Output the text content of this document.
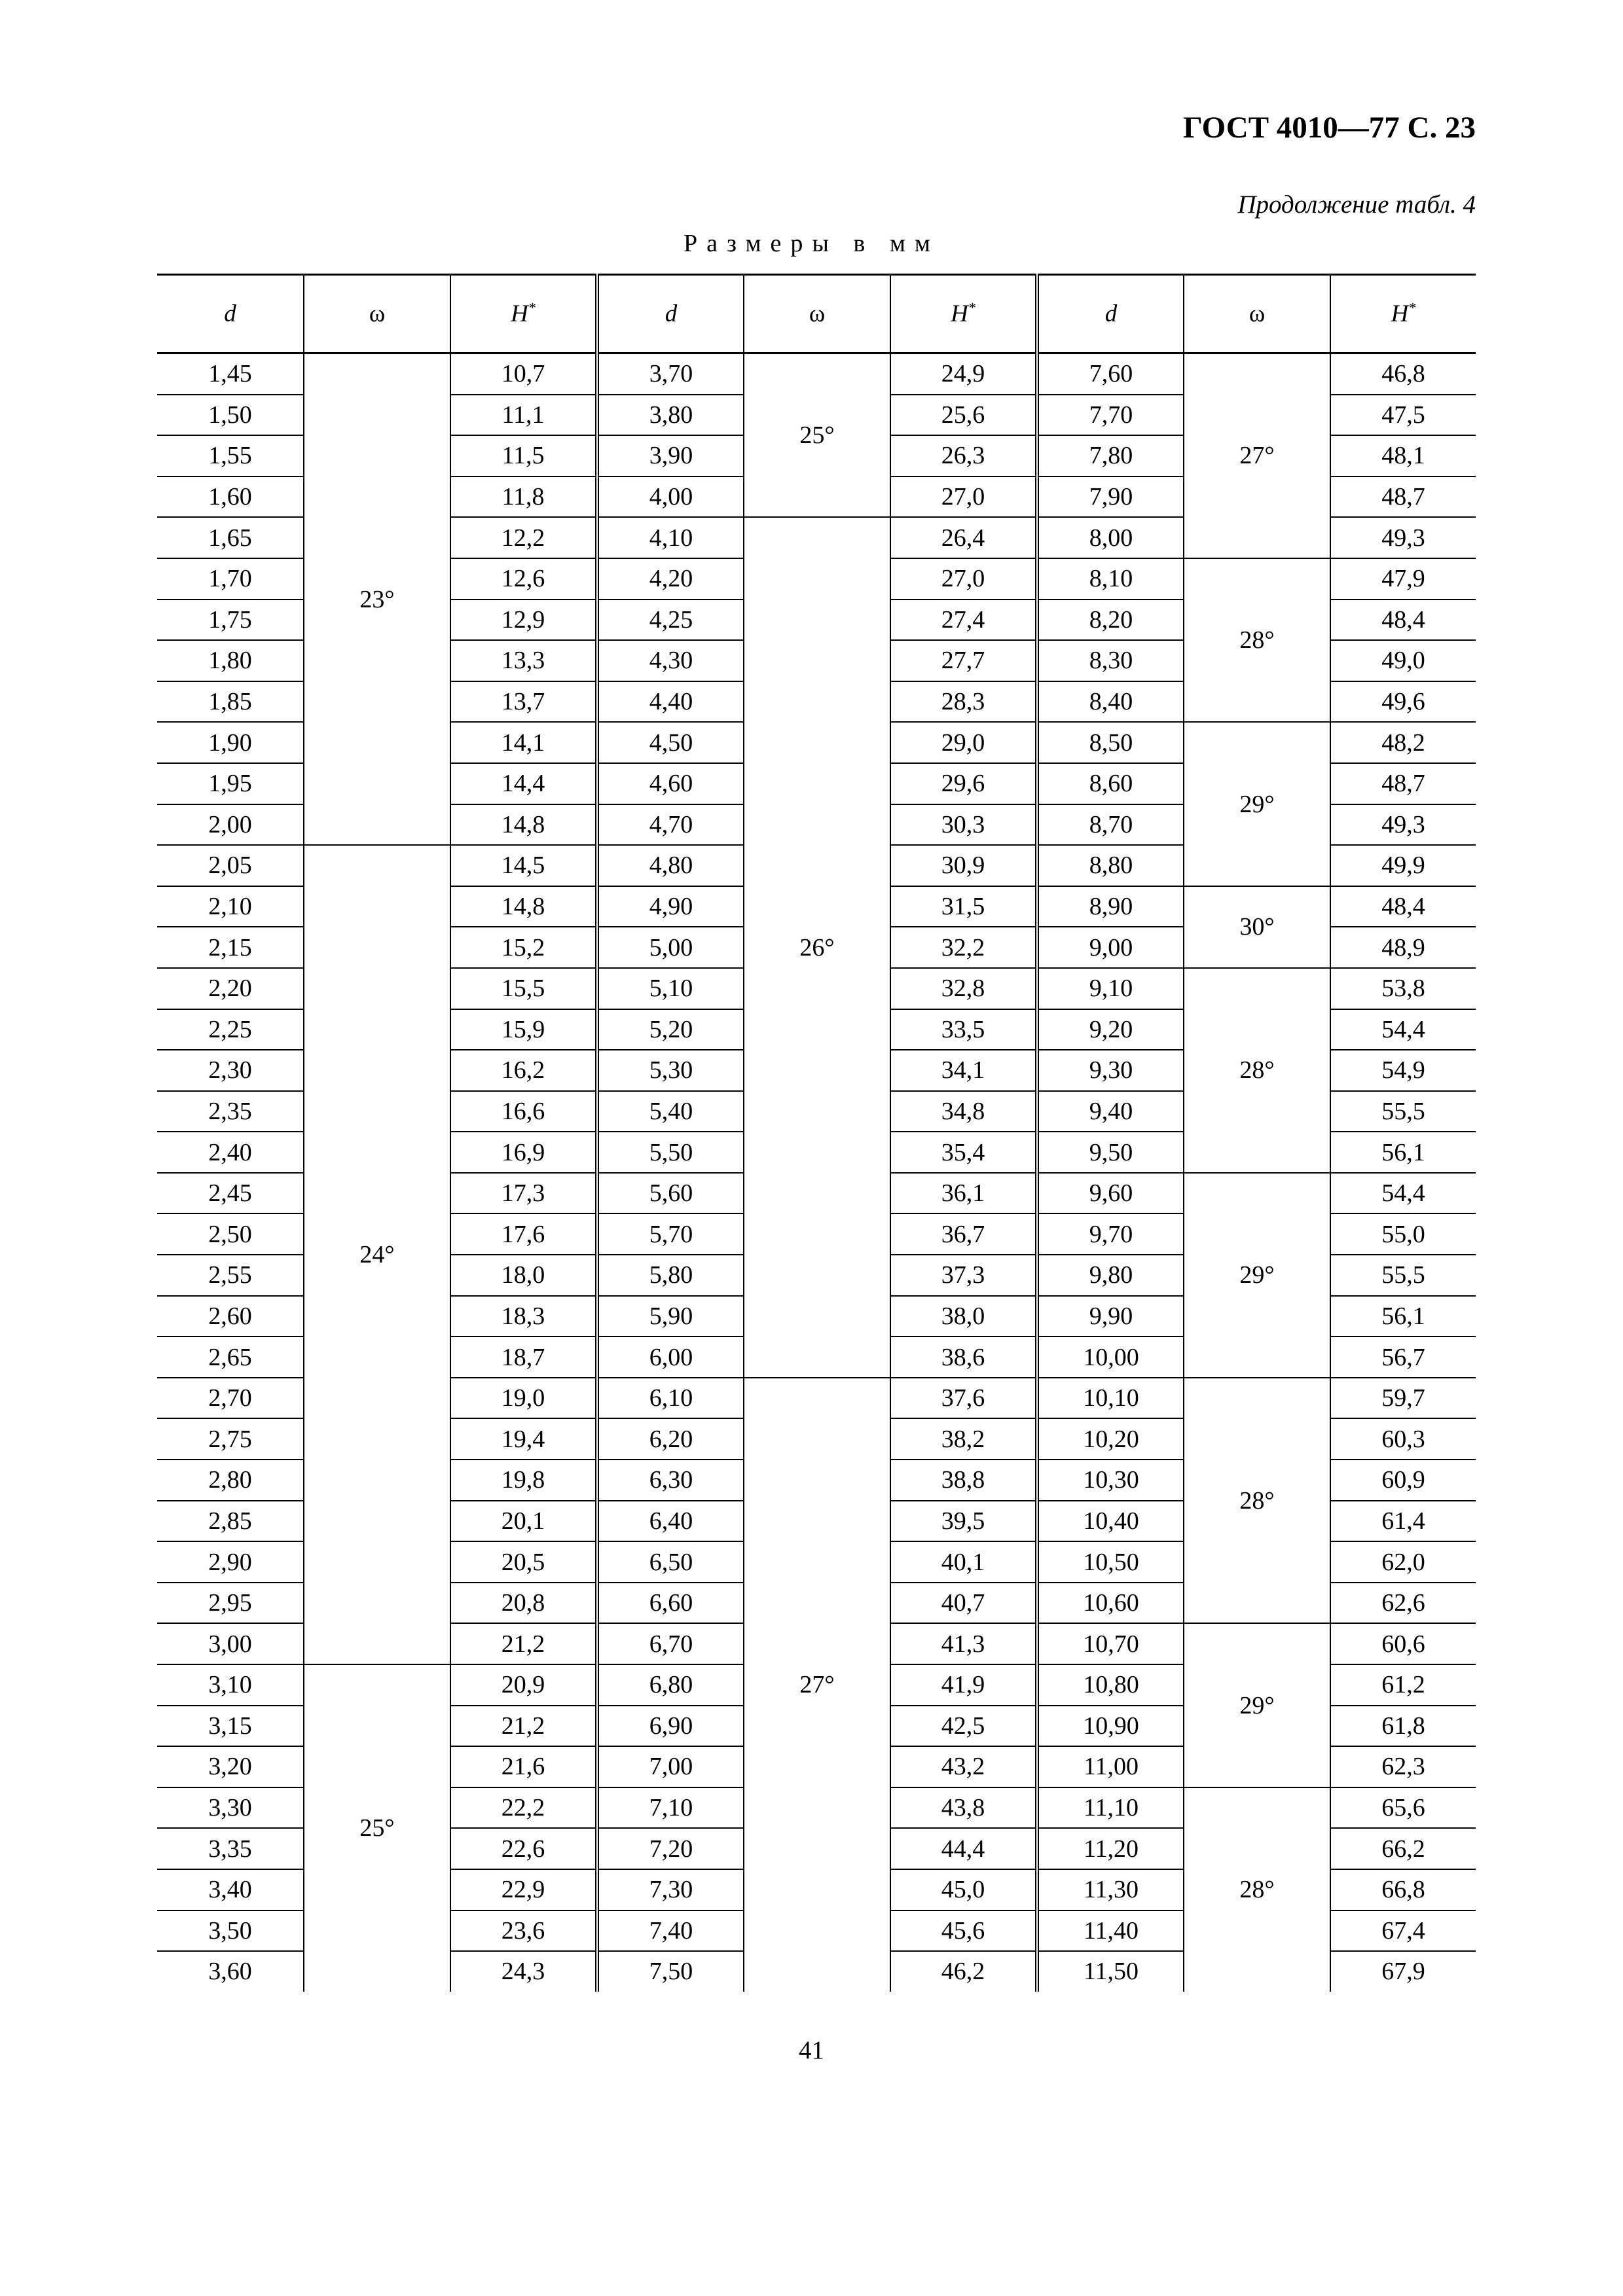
ГОСТ 4010—77 С. 23
Продолжение табл. 4
Размеры в мм
d	ω	H*	d	ω	H*	d	ω	H*
1,45	23°	10,7	3,70	25°	24,9	7,60	27°	46,8
1,50		11,1	3,80		25,6	7,70		47,5
1,55		11,5	3,90		26,3	7,80		48,1
1,60		11,8	4,00		27,0	7,90		48,7
1,65		12,2	4,10	26°	26,4	8,00		49,3
1,70		12,6	4,20		27,0	8,10	28°	47,9
1,75		12,9	4,25		27,4	8,20		48,4
1,80		13,3	4,30		27,7	8,30		49,0
1,85		13,7	4,40		28,3	8,40		49,6
1,90		14,1	4,50		29,0	8,50	29°	48,2
1,95		14,4	4,60		29,6	8,60		48,7
2,00		14,8	4,70		30,3	8,70		49,3
2,05	24°	14,5	4,80		30,9	8,80		49,9
2,10		14,8	4,90		31,5	8,90	30°	48,4
2,15		15,2	5,00		32,2	9,00		48,9
2,20		15,5	5,10		32,8	9,10	28°	53,8
2,25		15,9	5,20		33,5	9,20		54,4
2,30		16,2	5,30		34,1	9,30		54,9
2,35		16,6	5,40		34,8	9,40		55,5
2,40		16,9	5,50		35,4	9,50		56,1
2,45		17,3	5,60		36,1	9,60	29°	54,4
2,50		17,6	5,70		36,7	9,70		55,0
2,55		18,0	5,80		37,3	9,80		55,5
2,60		18,3	5,90		38,0	9,90		56,1
2,65		18,7	6,00		38,6	10,00		56,7
2,70		19,0	6,10	27°	37,6	10,10	28°	59,7
2,75		19,4	6,20		38,2	10,20		60,3
2,80		19,8	6,30		38,8	10,30		60,9
2,85		20,1	6,40		39,5	10,40		61,4
2,90		20,5	6,50		40,1	10,50		62,0
2,95		20,8	6,60		40,7	10,60		62,6
3,00		21,2	6,70		41,3	10,70	29°	60,6
3,10	25°	20,9	6,80		41,9	10,80		61,2
3,15		21,2	6,90		42,5	10,90		61,8
3,20		21,6	7,00		43,2	11,00		62,3
3,30		22,2	7,10		43,8	11,10	28°	65,6
3,35		22,6	7,20		44,4	11,20		66,2
3,40		22,9	7,30		45,0	11,30		66,8
3,50		23,6	7,40		45,6	11,40		67,4
3,60		24,3	7,50		46,2	11,50		67,9
41
